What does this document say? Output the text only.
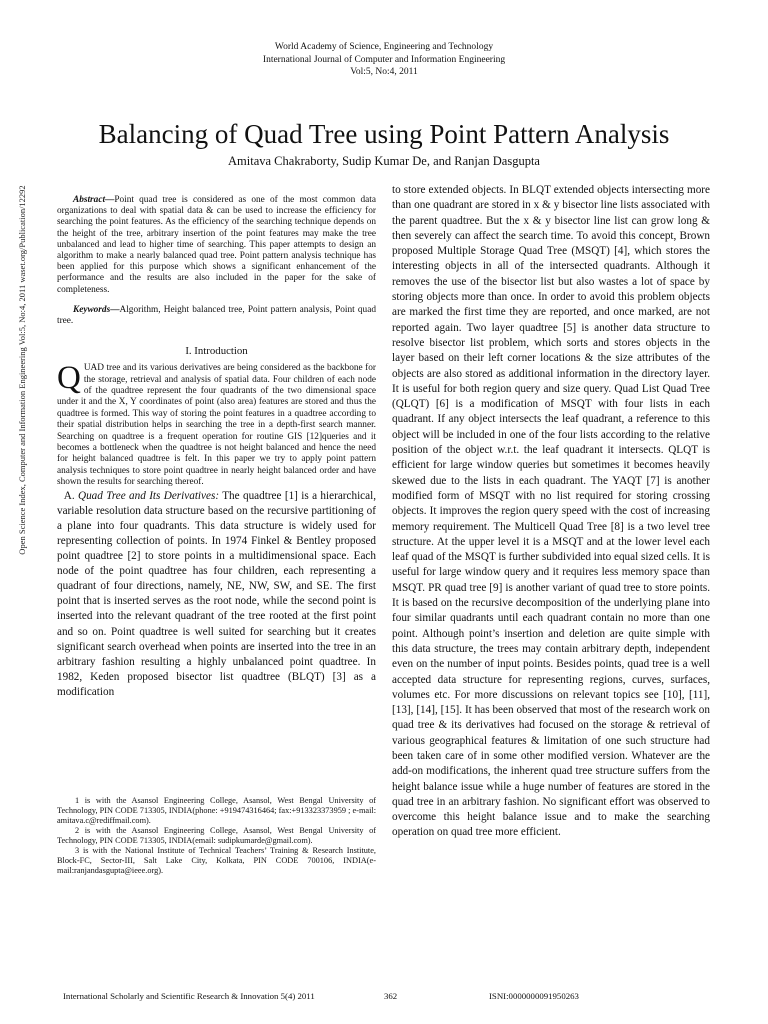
World Academy of Science, Engineering and Technology
International Journal of Computer and Information Engineering
Vol:5, No:4, 2011
Balancing of Quad Tree using Point Pattern Analysis
Amitava Chakraborty, Sudip Kumar De, and Ranjan Dasgupta
Open Science Index, Computer and Information Engineering Vol:5, No:4, 2011 waset.org/Publication/12292	Abstract—Point quad tree is considered as one of the most common data organizations to deal with spatial data & can be used to increase the efficiency for searching the point features. As the efficiency of the searching technique depends on the height of the tree, arbitrary insertion of the point features may make the tree unbalanced and lead to higher time of searching. This paper attempts to design an algorithm to make a nearly balanced quad tree. Point pattern analysis technique has been applied for this purpose which shows a significant enhancement of the performance and the results are also included in the paper for the sake of completeness.

Keywords—Algorithm, Height balanced tree, Point pattern analysis, Point quad tree.

I. Introduction

QUAD tree and its various derivatives are being considered as the backbone for the storage, retrieval and analysis of spatial data. Four children of each node of the quadtree represent the four quadrants of the two dimensional space under it and the X, Y coordinates of point (also area) features are stored and thus the quadtree is formed. This way of storing the point features in a quadtree according to their spatial distribution helps in searching the tree in a depth-first search manner. Searching on quadtree is a frequent operation for routine GIS [12]queries and it becomes a bottleneck when the quadtree is not height balanced and hence the need for height balanced quadtree is felt. In this paper we try to apply point pattern analysis techniques to store point quadtree in nearly height balanced order and have shown the results for searching thereof.

A. Quad Tree and Its Derivatives: The quadtree [1] is a hierarchical, variable resolution data structure based on the recursive partitioning of a plane into four quadrants. This data structure is widely used for representing collection of points. In 1974 Finkel & Bentley proposed point quadtree [2] to store points in a multidimensional space. Each node of the point quadtree has four children, each representing a quadrant of four directions, namely, NE, NW, SW, and SE. The first point that is inserted serves as the root node, while the second point is inserted into the relevant quadrant of the tree rooted at the first point and so on. Point quadtree is well suited for searching but it creates significant search overhead when points are inserted into the tree in an arbitrary fashion resulting a highly unbalanced point quadtree. In 1982, Keden proposed bisector list quadtree (BLQT) [3] as a modification

to store extended objects. In BLQT extended objects intersecting more than one quadrant are stored in x & y bisector line lists associated with the parent quadtree. But the x & y bisector line list can grow long & then severely can affect the search time. To avoid this concept, Brown proposed Multiple Storage Quad Tree (MSQT) [4], which stores the interesting objects in all of the intersected quadrants. Although it removes the use of the bisector list but also wastes a lot of space by storing objects more than once. In order to avoid this problem objects are marked the first time they are reported, and once marked, are not reported again. Two layer quadtree [5] is another data structure to resolve bisector list problem, which sorts and stores objects in the layer based on their left corner locations & the size attributes of the objects are also stored as additional information in the directory layer. It is useful for both region query and size query. Quad List Quad Tree (QLQT) [6] is a modification of MSQT with four lists in each quadrant. If any object intersects the leaf quadrant, a reference to this object will be included in one of the four lists according to the relative position of the object w.r.t. the leaf quadrant it intersects. QLQT is efficient for large window queries but sometimes it becomes heavily skewed due to the lists in each quadrant. The YAQT [7] is another modified form of MSQT with no list required for storing crossing objects. It improves the region query speed with the cost of increasing memory requirement. The Multicell Quad Tree [8] is a two level tree structure. At the upper level it is a MSQT and at the lower level each leaf quad of the MSQT is further subdivided into equal sized cells. It is useful for large window query and it requires less memory space than MSQT. PR quad tree [9] is another variant of quad tree to store points. It is based on the recursive decomposition of the underlying plane into four similar quadrants until each quadrant contain no more than one point. Although point’s insertion and deletion are quite simple with this data structure, the trees may contain arbitrary depth, independent even on the number of input points. Besides points, quad tree is a well accepted data structure for representing regions, curves, surfaces, volumes etc. For more discussions on relevant topics see [10], [11], [13], [14], [15]. It has been observed that most of the research work on quad tree & its derivatives had focused on the storage & retrieval of various geographical features & limitation of one such structure had been taken care of in some other modified version. Whatever are the add-on modifications, the inherent quad tree structure suffers from the height balance issue while a huge number of features are stored in the quad tree in an arbitrary fashion. No significant effort was observed to overcome this height balance issue and to make the searching operation on quad tree more efficient.

1 is with the Asansol Engineering College, Asansol, West Bengal University of Technology, PIN CODE 713305, INDIA(phone: +919474316464; fax:+913323373959 ; e-mail: amitava.c@rediffmail.com).

2 is with the Asansol Engineering College, Asansol, West Bengal University of Technology, PIN CODE 713305, INDIA(email: sudipkumarde@gmail.com).

3 is with the National Institute of Technical Teachers’ Training & Research Institute, Block-FC, Sector-III, Salt Lake City, Kolkata, PIN CODE 700106, INDIA(e-mail:ranjandasgupta@ieee.org).

International Scholarly and Scientific Research & Innovation 5(4) 2011	362	ISNI:0000000091950263
